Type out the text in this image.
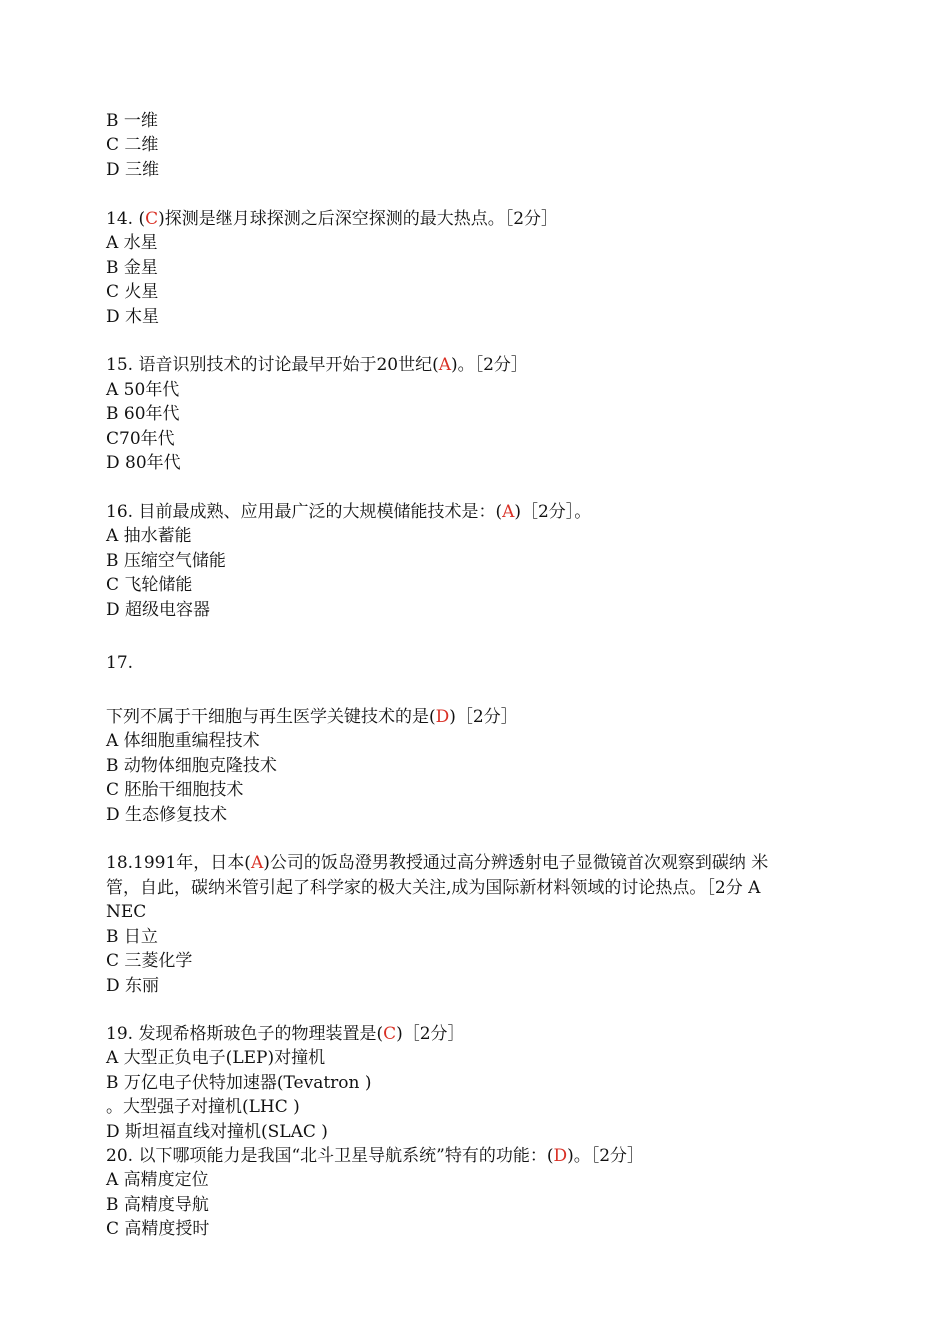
B 一维
C 二维
D 三维
14. (C)探测是继月球探测之后深空探测的最大热点。［2分］
A 水星
B 金星
C 火星
D 木星
15. 语音识别技术的讨论最早开始于20世纪(A)。［2分］
A 50年代
B 60年代
C70年代
D 80年代
16. 目前最成熟、应用最广泛的大规模储能技术是：(A)［2分］。
A 抽水蓄能
B 压缩空气储能
C 飞轮储能
D 超级电容器
17.
下列不属于干细胞与再生医学关键技术的是(D)［2分］
A 体细胞重编程技术
B 动物体细胞克隆技术
C 胚胎干细胞技术
D 生态修复技术
18.1991年，日本(A)公司的饭岛澄男教授通过高分辨透射电子显微镜首次观察到碳纳 米
管，自此，碳纳米管引起了科学家的极大关注,成为国际新材料领域的讨论热点。［2分 A
NEC
B 日立
C 三菱化学
D 东丽
19. 发现希格斯玻色子的物理装置是(C)［2分］
A 大型正负电子(LEP)对撞机
B 万亿电子伏特加速器(Tevatron )
。大型强子对撞机(LHC )
D 斯坦福直线对撞机(SLAC )
20. 以下哪项能力是我国“北斗卫星导航系统”特有的功能：(D)。［2分］
A 高精度定位
B 高精度导航
C 高精度授时
